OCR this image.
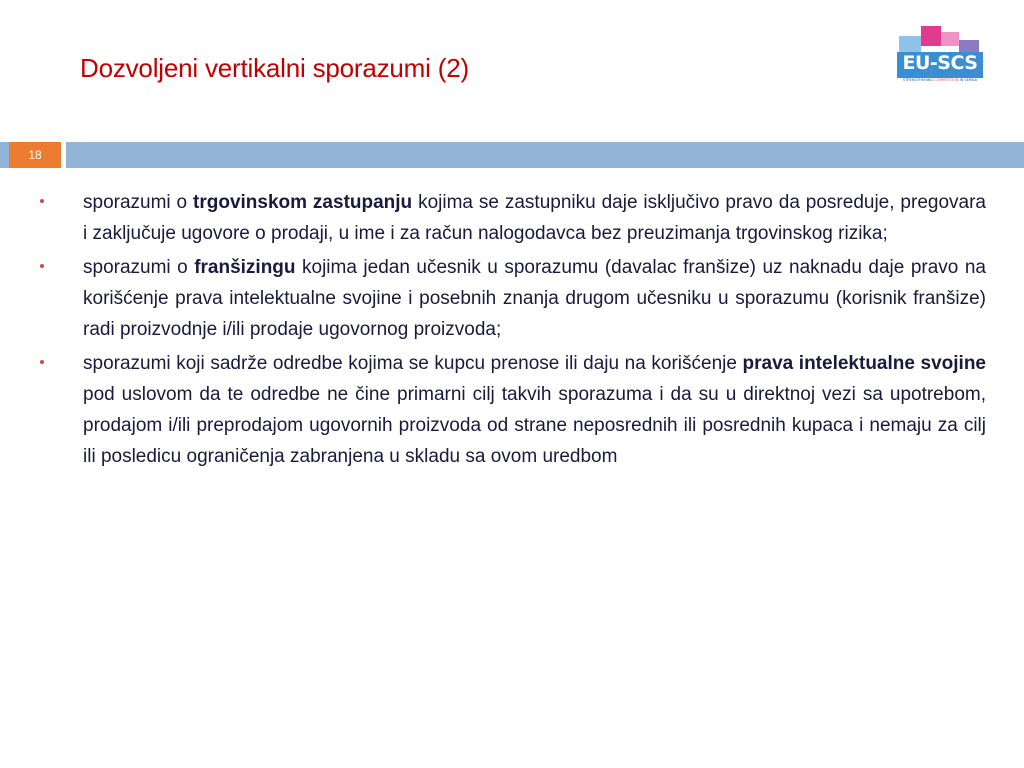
Dozvoljeni vertikalni sporazumi (2)	EU-SCS
STRENGTHENING COMPETITION IN SERBIA
18
sporazumi o trgovinskom zastupanju kojima se zastupniku daje isključivo pravo da posreduje, pregovara i zaključuje ugovore o prodaji, u ime i za račun nalogodavca bez preuzimanja trgovinskog rizika;
sporazumi o franšizingu kojima jedan učesnik u sporazumu (davalac franšize) uz naknadu daje pravo na korišćenje prava intelektualne svojine i posebnih znanja drugom učesniku u sporazumu (korisnik franšize) radi proizvodnje i/ili prodaje ugovornog proizvoda;
sporazumi koji sadrže odredbe kojima se kupcu prenose ili daju na korišćenje prava intelektualne svojine pod uslovom da te odredbe ne čine primarni cilj takvih sporazuma i da su u direktnoj vezi sa upotrebom, prodajom i/ili preprodajom ugovornih proizvoda od strane neposrednih ili posrednih kupaca i nemaju za cilj ili posledicu ograničenja zabranjena u skladu sa ovom uredbom
